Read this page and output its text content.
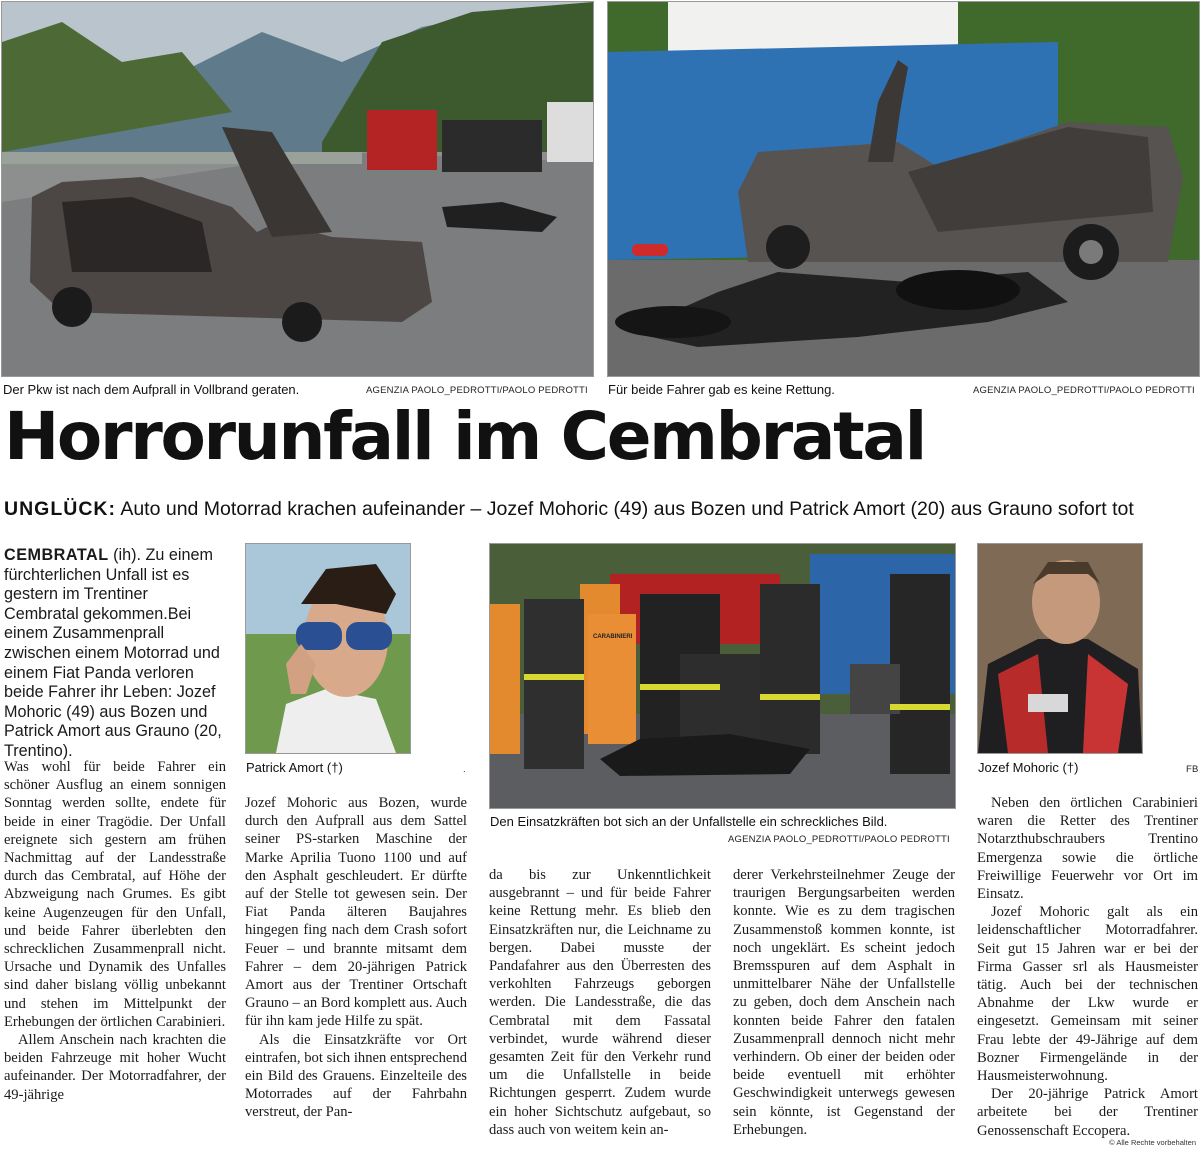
Der Pkw ist nach dem Aufprall in Vollbrand geraten.	AGENZIA PAOLO_PEDROTTI/PAOLO PEDROTTI Für beide Fahrer gab es keine Rettung.	AGENZIA PAOLO_PEDROTTI/PAOLO PEDROTTI
Horrorunfall im Cembratal
UNGLÜCK: Auto und Motorrad krachen aufeinander – Jozef Mohoric (49) aus Bozen und Patrick Amort (20) aus Grauno sofort tot
CEMBRATAL (ih). Zu einem fürchterlichen Unfall ist es gestern im Trentiner Cembratal gekommen.Bei einem Zusammenprall zwischen einem Motorrad und einem Fiat Panda verloren beide Fahrer ihr Leben: Jozef Mohoric (49) aus Bozen und Patrick Amort aus Grauno (20, Trentino).

Was wohl für beide Fahrer ein schöner Ausflug an einem sonnigen Sonntag werden sollte, endete für beide in einer Tragödie. Der Unfall ereignete sich gestern am frühen Nachmittag auf der Landesstraße durch das Cembratal, auf Höhe der Abzweigung nach Grumes. Es gibt keine Augenzeugen für den Unfall, und beide Fahrer überlebten den schrecklichen Zusammenprall nicht. Ursache und Dynamik des Unfalles sind daher bislang völlig unbekannt und stehen im Mittelpunkt der Erhebungen der örtlichen Carabinieri.

Allem Anschein nach krachten die beiden Fahrzeuge mit hoher Wucht aufeinander. Der Motorradfahrer, der 49-jährige

Patrick Amort (†)	.

Jozef Mohoric aus Bozen, wurde durch den Aufprall aus dem Sattel seiner PS-starken Maschine der Marke Aprilia Tuono 1100 und auf den Asphalt geschleudert. Er dürfte auf der Stelle tot gewesen sein. Der Fiat Panda älteren Baujahres hingegen fing nach dem Crash sofort Feuer – und brannte mitsamt dem Fahrer – dem 20-jährigen Patrick Amort aus der Trentiner Ortschaft Grauno – an Bord komplett aus. Auch für ihn kam jede Hilfe zu spät.

Als die Einsatzkräfte vor Ort eintrafen, bot sich ihnen entsprechend ein Bild des Grauens. Einzelteile des Motorrades auf der Fahrbahn verstreut, der Pan-

CARABINIERI
Den Einsatzkräften bot sich an der Unfallstelle ein schreckliches Bild.
AGENZIA PAOLO_PEDROTTI/PAOLO PEDROTTI

da bis zur Unkenntlichkeit ausgebrannt – und für beide Fahrer keine Rettung mehr. Es blieb den Einsatzkräften nur, die Leichname zu bergen. Dabei musste der Pandafahrer aus den Überresten des verkohlten Fahrzeugs geborgen werden. Die Landesstraße, die das Cembratal mit dem Fassatal verbindet, wurde während dieser gesamten Zeit für den Verkehr rund um die Unfallstelle in beide Richtungen gesperrt. Zudem wurde ein hoher Sichtschutz aufgebaut, so dass auch von weitem kein an-

derer Verkehrsteilnehmer Zeuge der traurigen Bergungsarbeiten werden konnte. Wie es zu dem tragischen Zusammenstoß kommen konnte, ist noch ungeklärt. Es scheint jedoch Bremsspuren auf dem Asphalt in unmittelbarer Nähe der Unfallstelle zu geben, doch dem Anschein nach konnten beide Fahrer den fatalen Zusammenprall dennoch nicht mehr verhindern. Ob einer der beiden oder beide eventuell mit erhöhter Geschwindigkeit unterwegs gewesen sein könnte, ist Gegenstand der Erhebungen.

Jozef Mohoric (†)	FB

Neben den örtlichen Carabinieri waren die Retter des Trentiner Notarzthubschraubers Trentino Emergenza sowie die örtliche Freiwillige Feuerwehr vor Ort im Einsatz.

Jozef Mohoric galt als ein leidenschaftlicher Motorradfahrer. Seit gut 15 Jahren war er bei der Firma Gasser srl als Hausmeister tätig. Auch bei der technischen Abnahme der Lkw wurde er eingesetzt. Gemeinsam mit seiner Frau lebte der 49-Jährige auf dem Bozner Firmengelände in der Hausmeisterwohnung.

Der 20-jährige Patrick Amort arbeitete bei der Trentiner Genossenschaft Eccopera.

© Alle Rechte vorbehalten
